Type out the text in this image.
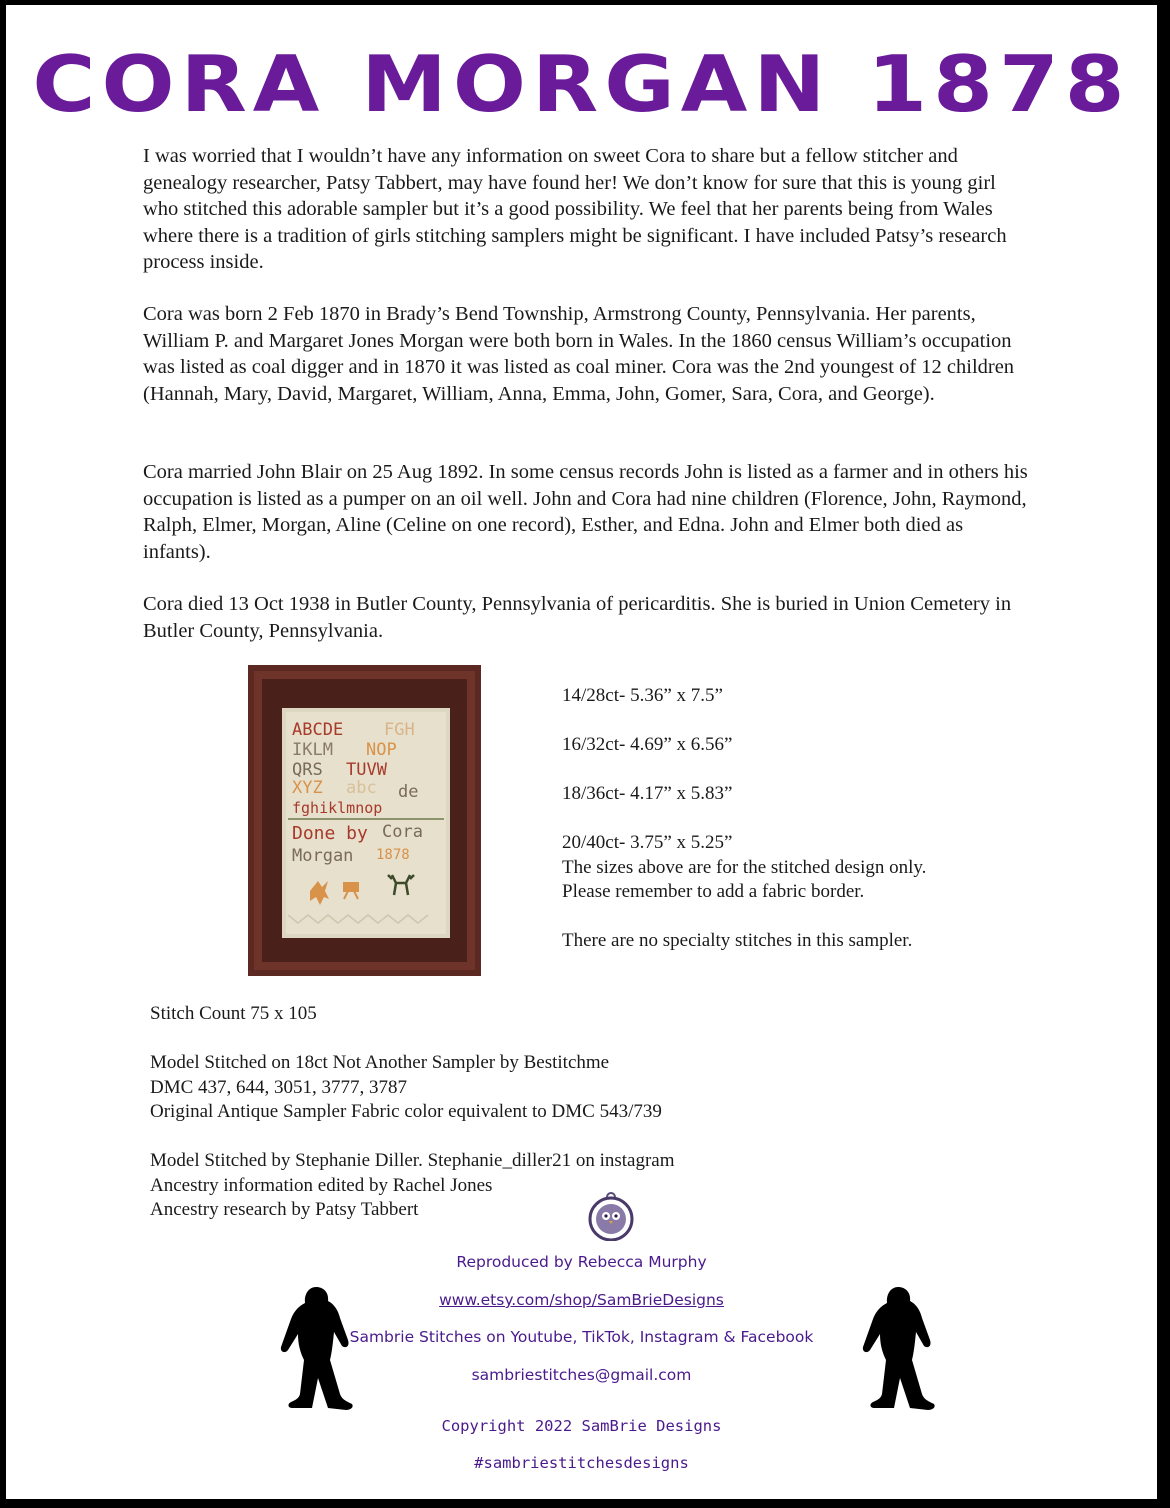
CORA MORGAN 1878

I was worried that I wouldn’t have any information on sweet Cora to share but a fellow stitcher and genealogy researcher, Patsy Tabbert, may have found her! We don’t know for sure that this is young girl who stitched this adorable sampler but it’s a good possibility. We feel that her parents being from Wales where there is a tradition of girls stitching samplers might be significant. I have included Patsy’s research process inside.

Cora was born 2 Feb 1870 in Brady’s Bend Township, Armstrong County, Pennsylvania. Her parents, William P. and Margaret Jones Morgan were both born in Wales. In the 1860 census William’s occupation was listed as coal digger and in 1870 it was listed as coal miner. Cora was the 2nd youngest of 12 children (Hannah, Mary, David, Margaret, William, Anna, Emma, John, Gomer, Sara, Cora, and George).

Cora married John Blair on 25 Aug 1892. In some census records John is listed as a farmer and in others his occupation is listed as a pumper on an oil well. John and Cora had nine children (Florence, John, Raymond, Ralph, Elmer, Morgan, Aline (Celine on one record), Esther, and Edna. John and Elmer both died as infants).

Cora died 13 Oct 1938 in Butler County, Pennsylvania of pericarditis. She is buried in Union Cemetery in Butler County, Pennsylvania.

ABCDE FGH
IKLM NOP
QRS TUVW
XYZ abc de
fghiklmnop
Done by Cora
Morgan 1878
14/28ct- 5.36” x 7.5”
16/32ct- 4.69” x 6.56”
18/36ct- 4.17” x 5.83”
20/40ct- 3.75” x 5.25”
The sizes above are for the stitched design only.
Please remember to add a fabric border.
There are no specialty stitches in this sampler.
Stitch Count 75 x 105
Model Stitched on 18ct Not Another Sampler by Bestitchme
DMC 437, 644, 3051, 3777, 3787
Original Antique Sampler Fabric color equivalent to DMC 543/739
Model Stitched by Stephanie Diller. Stephanie_diller21 on instagram
Ancestry information edited by Rachel Jones
Ancestry research by Patsy Tabbert
Reproduced by Rebecca Murphy
www.etsy.com/shop/SamBrieDesigns
Sambrie Stitches on Youtube, TikTok, Instagram & Facebook
sambriestitches@gmail.com
Copyright 2022 SamBrie Designs
#sambriestitchesdesigns
